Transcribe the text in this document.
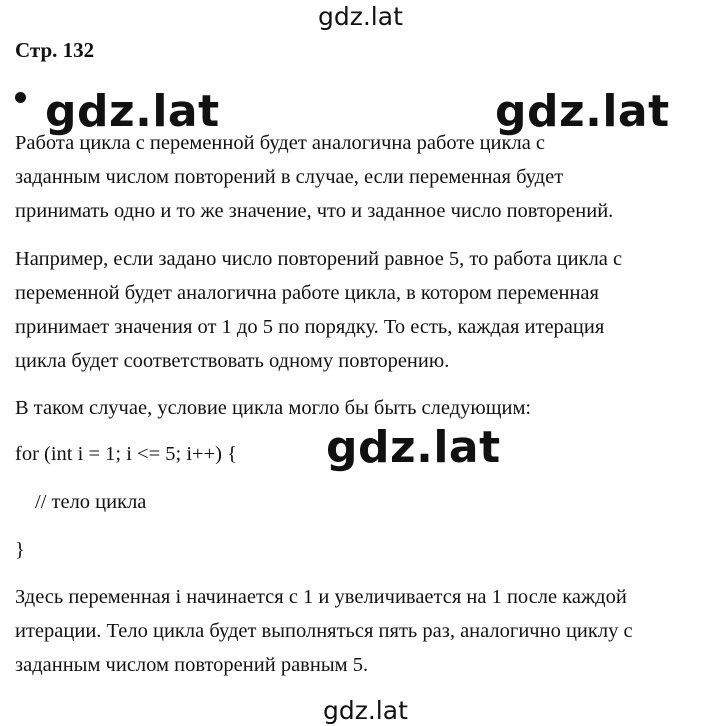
gdz.lat
gdz.lat	gdz.lat
gdz.lat
gdz.lat
Стр. 132
Работа цикла с переменной будет аналогична работе цикла с
заданным числом повторений в случае, если переменная будет
принимать одно и то же значение, что и заданное число повторений.
Например, если задано число повторений равное 5, то работа цикла с
переменной будет аналогична работе цикла, в котором переменная
принимает значения от 1 до 5 по порядку. То есть, каждая итерация
цикла будет соответствовать одному повторению.
В таком случае, условие цикла могло бы быть следующим:
for (int i = 1; i <= 5; i++) {
// тело цикла
}
Здесь переменная i начинается с 1 и увеличивается на 1 после каждой
итерации. Тело цикла будет выполняться пять раз, аналогично циклу с
заданным числом повторений равным 5.
